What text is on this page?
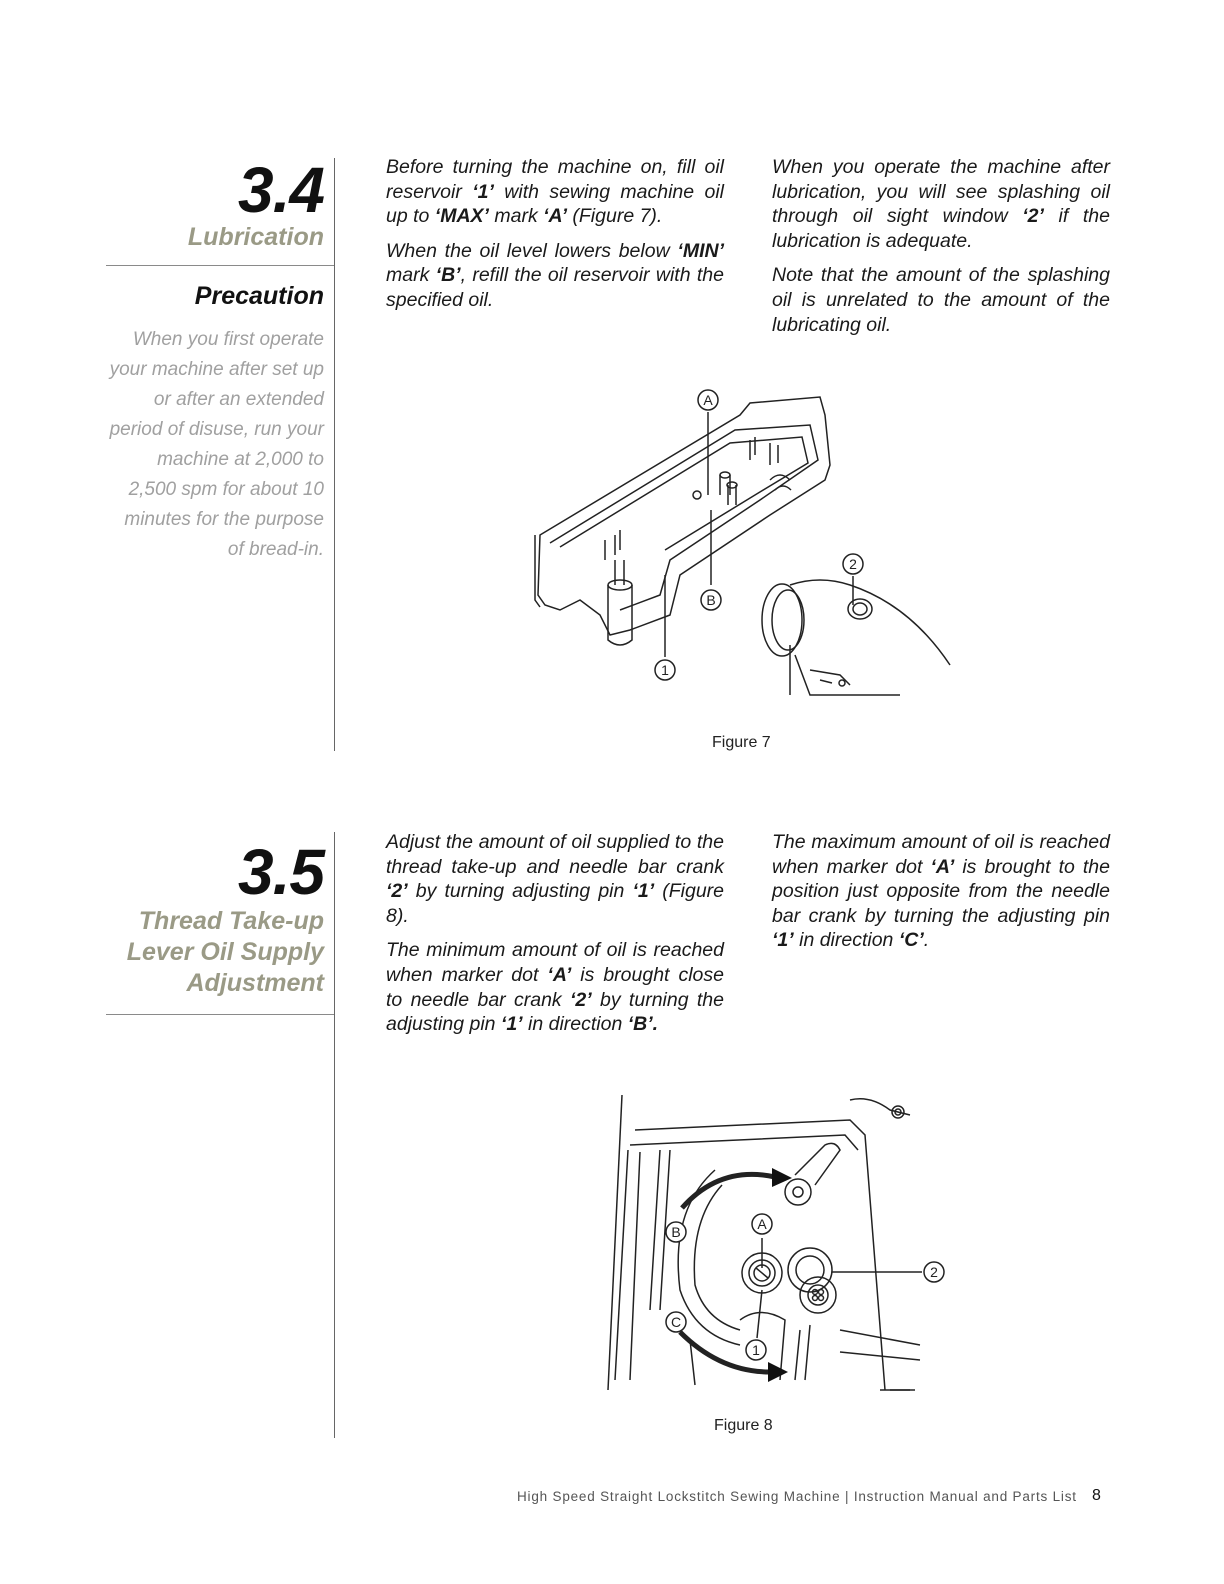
3.4
Lubrication
Precaution
When you first operate your machine after set up or after an extended period of disuse, run your machine at 2,000 to 2,500 spm for about 10 minutes for the purpose of bread-in.

Before turning the machine on, fill oil reservoir ‘1’ with sewing machine oil up to ‘MAX’ mark ‘A’ (Figure 7).

When the oil level lowers below ‘MIN’ mark ‘B’, refill the oil reservoir with the specified oil.

When you operate the machine after lubrication, you will see splashing oil through oil sight window ‘2’ if the lubrication is adequate.

Note that the amount of the splashing oil is unrelated to the amount of the lubricating oil.

A
B
1
2
Figure 7
3.5
Thread Take-up
Lever Oil Supply
Adjustment

Adjust the amount of oil supplied to the thread take-up and needle bar crank ‘2’ by turning adjusting pin ‘1’ (Figure 8).

The minimum amount of oil is reached when marker dot ‘A’ is brought close to needle bar crank ‘2’ by turning the adjusting pin ‘1’ in direction ‘B’.

The maximum amount of oil is reached when marker dot ‘A’ is brought to the position just opposite from the needle bar crank by turning the adjusting pin ‘1’ in direction ‘C’.

B	A
2
C
1
Figure 8
High Speed Straight Lockstitch Sewing Machine | Instruction Manual and Parts List 8
